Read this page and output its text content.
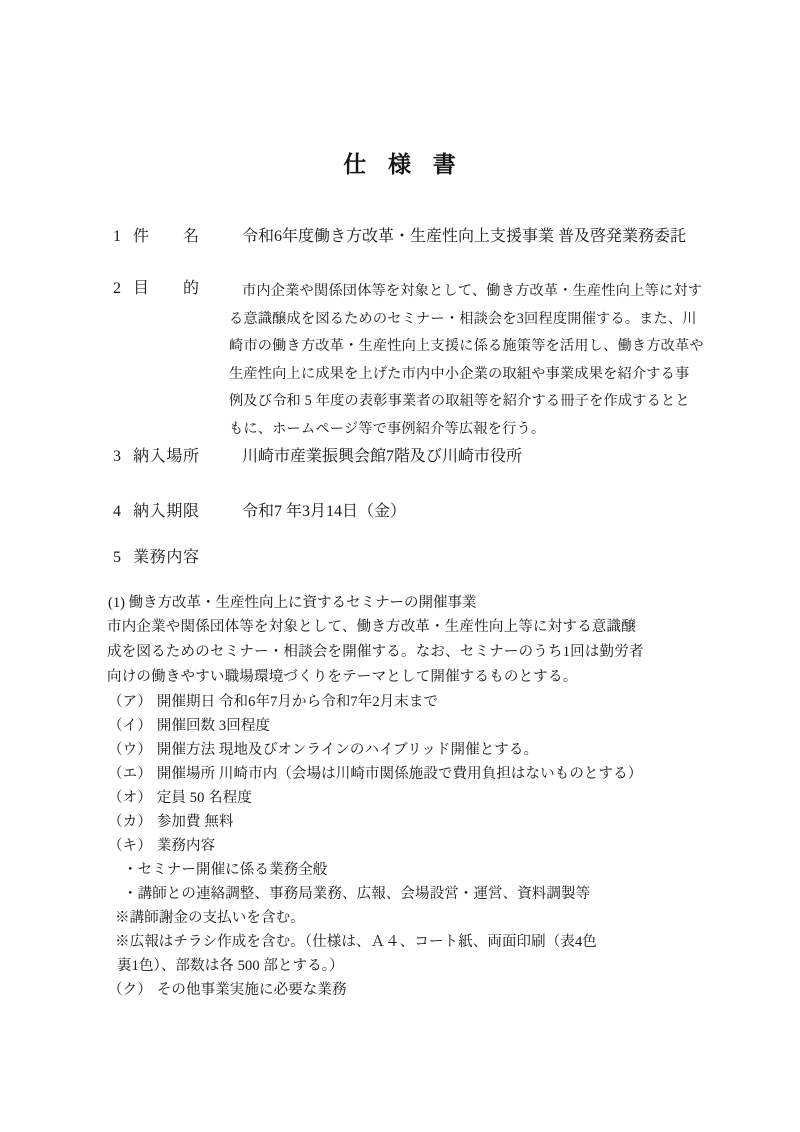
仕 様 書
1 件名	令和6年度働き方改革・生産性向上支援事業 普及啓発業務委託
2 目的	市内企業や関係団体等を対象として、働き方改革・生産性向上等に対す
る意識醸成を図るためのセミナー・相談会を3回程度開催する。また、川
崎市の働き方改革・生産性向上支援に係る施策等を活用し、働き方改革や
生産性向上に成果を上げた市内中小企業の取組や事業成果を紹介する事
例及び令和 5 年度の表彰事業者の取組等を紹介する冊子を作成するとと
もに、ホームページ等で事例紹介等広報を行う。
3 納入場所	川崎市産業振興会館7階及び川崎市役所
4 納入期限	令和7 年3月14日（金）
5 業務内容
(1) 働き方改革・生産性向上に資するセミナーの開催事業
市内企業や関係団体等を対象として、働き方改革・生産性向上等に対する意識醸
成を図るためのセミナー・相談会を開催する。なお、セミナーのうち1回は勤労者
向けの働きやすい職場環境づくりをテーマとして開催するものとする。
（ア） 開催期日 令和6年7月から令和7年2月末まで
（イ） 開催回数 3回程度
（ウ） 開催方法 現地及びオンラインのハイブリッド開催とする。
（エ） 開催場所 川崎市内（会場は川崎市関係施設で費用負担はないものとする）
（オ） 定員 50 名程度
（カ） 参加費 無料
（キ） 業務内容
・セミナー開催に係る業務全般
・講師との連絡調整、事務局業務、広報、会場設営・運営、資料調製等
※講師謝金の支払いを含む。
※広報はチラシ作成を含む。（仕様は、Ａ４、コート紙、両面印刷（表4色
裏1色）、部数は各 500 部とする。）
（ク） その他事業実施に必要な業務
